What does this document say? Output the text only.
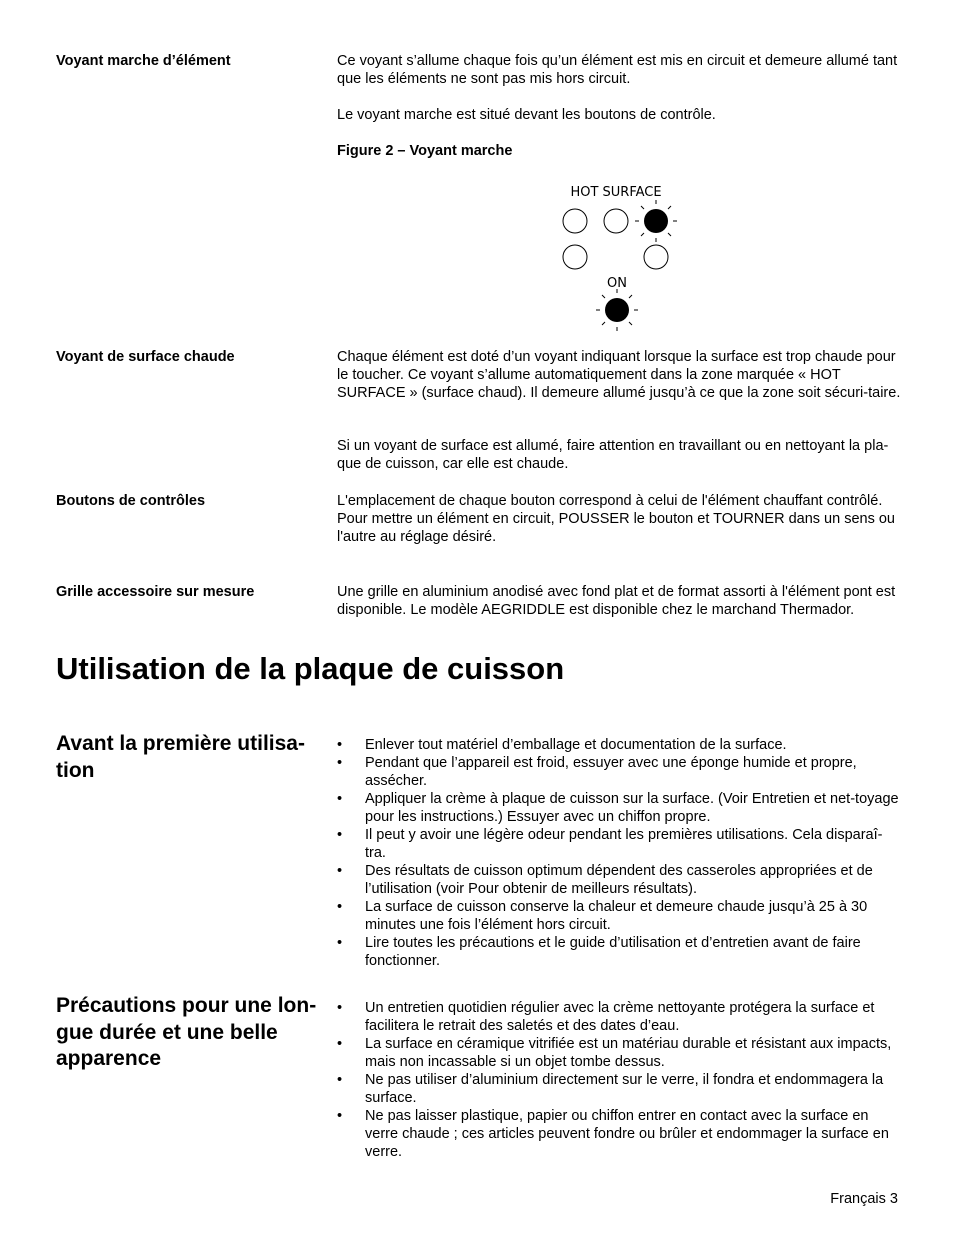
Voyant marche d’élément	Ce voyant s’allume chaque fois qu’un élément est mis en circuit et demeure allumé tant que les éléments ne sont pas mis hors circuit.
Le voyant marche est situé devant les boutons de contrôle.
Figure 2 – Voyant marche
HOT SURFACE
ON
Voyant de surface chaude	Chaque élément est doté d’un voyant indiquant lorsque la surface est trop chaude pour le toucher. Ce voyant s’allume automatiquement dans la zone marquée « HOT SURFACE » (surface chaud). Il demeure allumé jusqu’à ce que la zone soit sécuri-taire.
Si un voyant de surface est allumé, faire attention en travaillant ou en nettoyant la pla-que de cuisson, car elle est chaude.
Boutons de contrôles	L'emplacement de chaque bouton correspond à celui de l'élément chauffant contrôlé. Pour mettre un élément en circuit, POUSSER le bouton et TOURNER dans un sens ou l'autre au réglage désiré.
Grille accessoire sur mesure	Une grille en aluminium anodisé avec fond plat et de format assorti à l'élément pont est disponible. Le modèle AEGRIDDLE est disponible chez le marchand Thermador.
Utilisation de la plaque de cuisson
Avant la première utilisa-tion
•	Enlever tout matériel d’emballage et documentation de la surface.
•	Pendant que l’appareil est froid, essuyer avec une éponge humide et propre, assécher.
•	Appliquer la crème à plaque de cuisson sur la surface. (Voir Entretien et net-toyage pour les instructions.) Essuyer avec un chiffon propre.
•	Il peut y avoir une légère odeur pendant les premières utilisations. Cela disparaî-tra.
•	Des résultats de cuisson optimum dépendent des casseroles appropriées et de l’utilisation (voir Pour obtenir de meilleurs résultats).
•	La surface de cuisson conserve la chaleur et demeure chaude jusqu’à 25 à 30 minutes une fois l’élément hors circuit.
•	Lire toutes les précautions et le guide d’utilisation et d’entretien avant de faire fonctionner.
Précautions pour une lon-gue durée et une belle apparence
•	Un entretien quotidien régulier avec la crème nettoyante protégera la surface et facilitera le retrait des saletés et des dates d’eau.
•	La surface en céramique vitrifiée est un matériau durable et résistant aux impacts, mais non incassable si un objet tombe dessus.
•	Ne pas utiliser d’aluminium directement sur le verre, il fondra et endommagera la surface.
•	Ne pas laisser plastique, papier ou chiffon entrer en contact avec la surface en verre chaude ; ces articles peuvent fondre ou brûler et endommager la surface en verre.
Français 3
